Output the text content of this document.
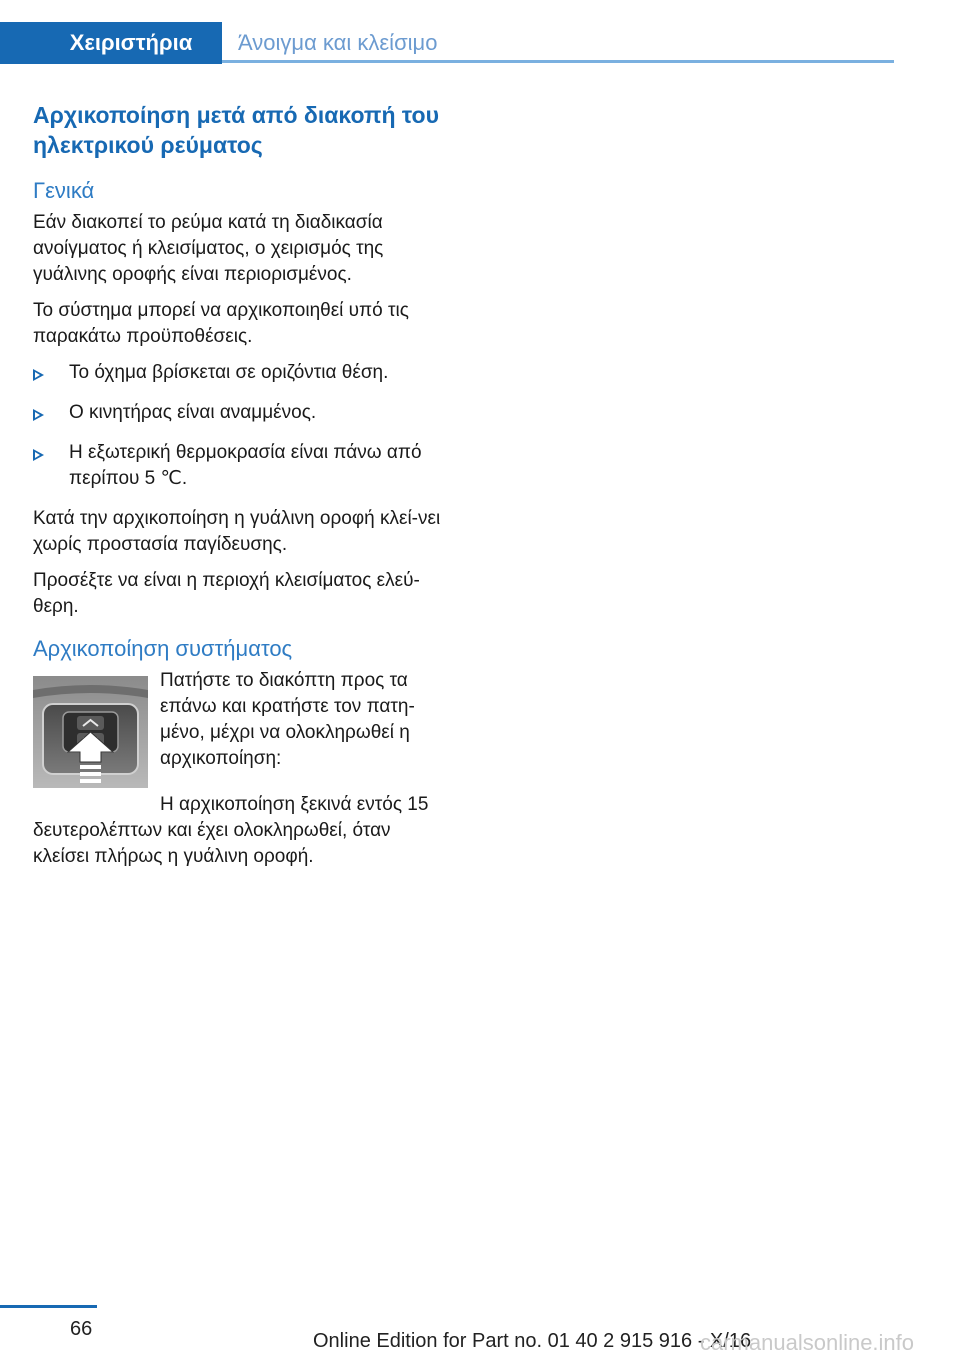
Χειριστήρια	Άνοιγμα και κλείσιμο
Αρχικοποίηση μετά από διακοπή του ηλεκτρικού ρεύματος
Γενικά

Εάν διακοπεί το ρεύμα κατά τη διαδικασία ανοίγματος ή κλεισίματος, ο χειρισμός της γυάλινης οροφής είναι περιορισμένος.

Το σύστημα μπορεί να αρχικοποιηθεί υπό τις παρακάτω προϋποθέσεις.

Το όχημα βρίσκεται σε οριζόντια θέση.
Ο κινητήρας είναι αναμμένος.
Η εξωτερική θερμοκρασία είναι πάνω από περίπου 5 ℃.

Κατά την αρχικοποίηση η γυάλινη οροφή κλεί‐νει χωρίς προστασία παγίδευσης.

Προσέξτε να είναι η περιοχή κλεισίματος ελεύ‐θερη.

Αρχικοποίηση συστήματος

Πατήστε το διακόπτη προς τα επάνω και κρατήστε τον πατη‐μένο, μέχρι να ολοκληρωθεί η αρχικοποίηση:

Η αρχικοποίηση ξεκινά εντός 15 δευτερολέπτων και έχει ολοκληρωθεί, όταν κλείσει πλήρως η γυάλινη οροφή.

66
Online Edition for Part no. 01 40 2 915 916 - X/16
carmanualsonline.info
